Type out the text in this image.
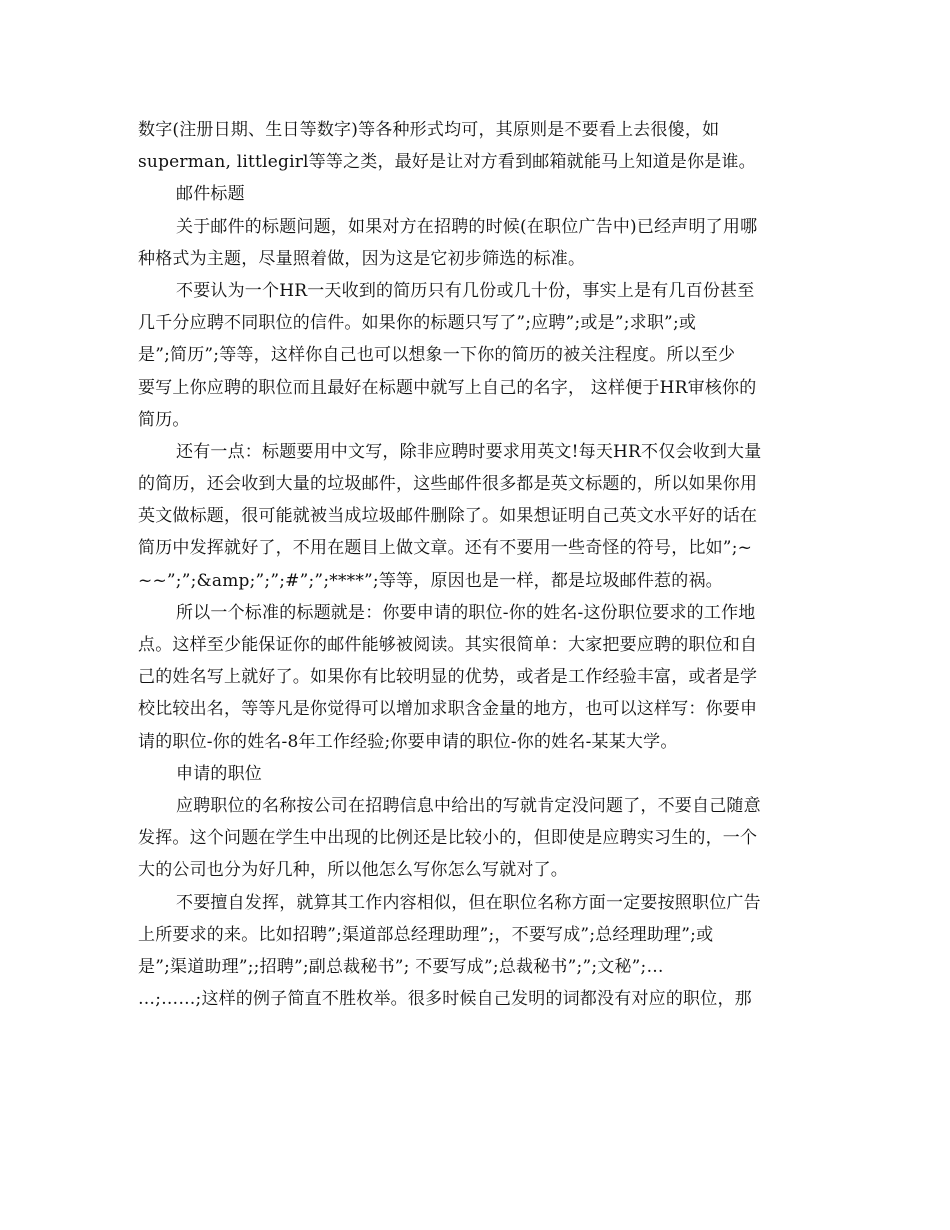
数字(注册日期、生日等数字)等各种形式均可，其原则是不要看上去很傻，如
superman, littlegirl等等之类，最好是让对方看到邮箱就能马上知道是你是谁。
邮件标题
关于邮件的标题问题，如果对方在招聘的时候(在职位广告中)已经声明了用哪
种格式为主题，尽量照着做，因为这是它初步筛选的标准。
不要认为一个HR一天收到的简历只有几份或几十份，事实上是有几百份甚至
几千分应聘不同职位的信件。如果你的标题只写了”;应聘”;或是”;求职”;或
是”;简历”;等等，这样你自己也可以想象一下你的简历的被关注程度。所以至少
要写上你应聘的职位而且最好在标题中就写上自己的名字， 这样便于HR审核你的
简历。
还有一点：标题要用中文写，除非应聘时要求用英文!每天HR不仅会收到大量
的简历，还会收到大量的垃圾邮件，这些邮件很多都是英文标题的，所以如果你用
英文做标题，很可能就被当成垃圾邮件删除了。如果想证明自己英文水平好的话在
简历中发挥就好了，不用在题目上做文章。还有不要用一些奇怪的符号，比如”;~
~~”;”;&amp;”;”;#”;”;****”;等等，原因也是一样，都是垃圾邮件惹的祸。
所以一个标准的标题就是：你要申请的职位-你的姓名-这份职位要求的工作地
点。这样至少能保证你的邮件能够被阅读。其实很简单：大家把要应聘的职位和自
己的姓名写上就好了。如果你有比较明显的优势，或者是工作经验丰富，或者是学
校比较出名，等等凡是你觉得可以增加求职含金量的地方，也可以这样写：你要申
请的职位-你的姓名-8年工作经验;你要申请的职位-你的姓名-某某大学。
申请的职位
应聘职位的名称按公司在招聘信息中给出的写就肯定没问题了，不要自己随意
发挥。这个问题在学生中出现的比例还是比较小的，但即使是应聘实习生的，一个
大的公司也分为好几种，所以他怎么写你怎么写就对了。
不要擅自发挥，就算其工作内容相似，但在职位名称方面一定要按照职位广告
上所要求的来。比如招聘”;渠道部总经理助理”;，不要写成”;总经理助理”;或
是”;渠道助理”;;招聘”;副总裁秘书”; 不要写成”;总裁秘书”;”;文秘”;…
…;……;这样的例子简直不胜枚举。很多时候自己发明的词都没有对应的职位，那
